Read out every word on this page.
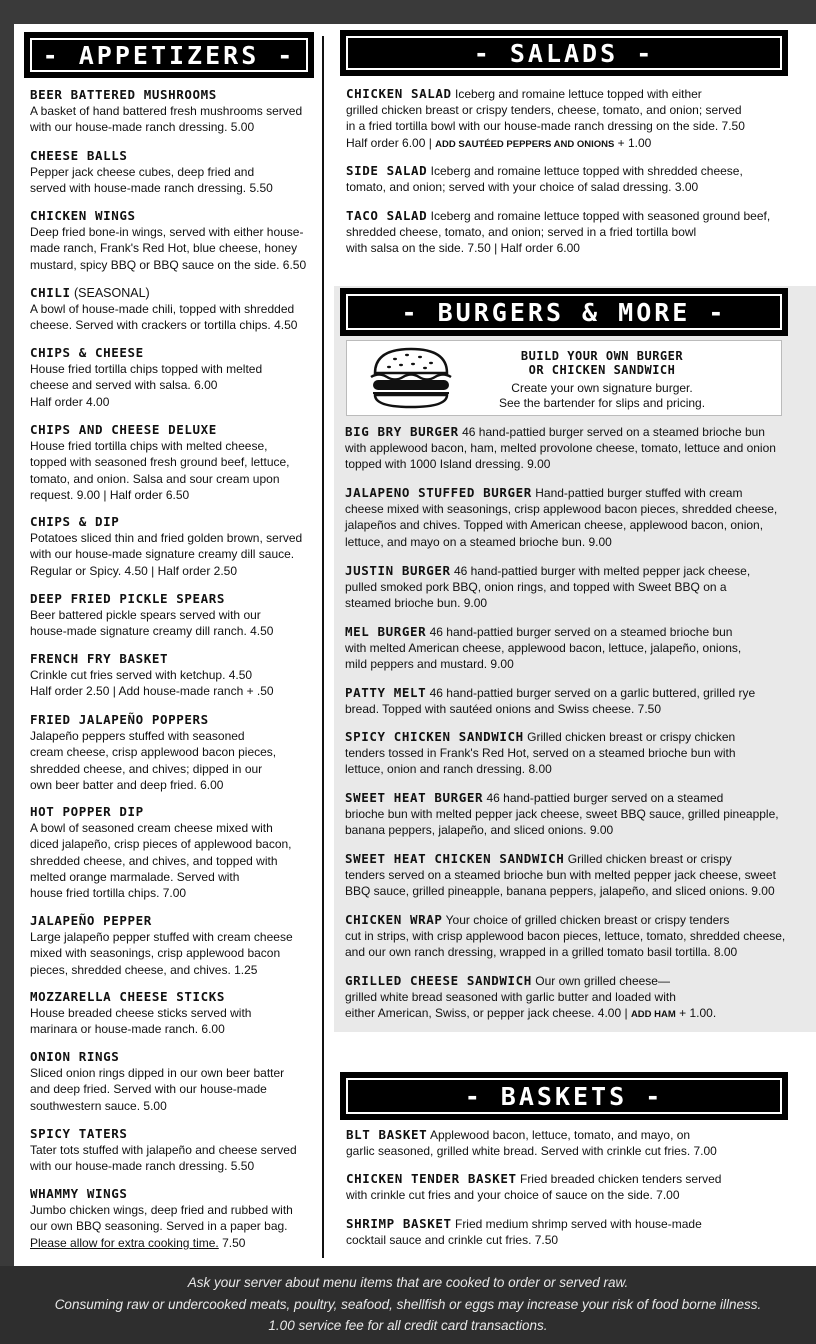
- APPETIZERS -	- SALADS -
- BURGERS & MORE -
- BASKETS -
BUILD YOUR OWN BURGER
OR CHICKEN SANDWICH
Create your own signature burger.
See the bartender for slips and pricing.
BEER BATTERED MUSHROOMS
A basket of hand battered fresh mushrooms served
with our house-made ranch dressing. 5.00
CHEESE BALLS
Pepper jack cheese cubes, deep fried and
served with house-made ranch dressing. 5.50
CHICKEN WINGS
Deep fried bone-in wings, served with either house-
made ranch, Frank's Red Hot, blue cheese, honey
mustard, spicy BBQ or BBQ sauce on the side. 6.50
CHILI (SEASONAL)
A bowl of house-made chili, topped with shredded
cheese. Served with crackers or tortilla chips. 4.50
CHIPS & CHEESE
House fried tortilla chips topped with melted
cheese and served with salsa. 6.00
Half order 4.00
CHIPS AND CHEESE DELUXE
House fried tortilla chips with melted cheese,
topped with seasoned fresh ground beef, lettuce,
tomato, and onion. Salsa and sour cream upon
request. 9.00 | Half order 6.50
CHIPS & DIP
Potatoes sliced thin and fried golden brown, served
with our house-made signature creamy dill sauce.
Regular or Spicy. 4.50 | Half order 2.50
DEEP FRIED PICKLE SPEARS
Beer battered pickle spears served with our
house-made signature creamy dill ranch. 4.50
FRENCH FRY BASKET
Crinkle cut fries served with ketchup. 4.50
Half order 2.50 | Add house-made ranch + .50
FRIED JALAPEÑO POPPERS
Jalapeño peppers stuffed with seasoned
cream cheese, crisp applewood bacon pieces,
shredded cheese, and chives; dipped in our
own beer batter and deep fried. 6.00
HOT POPPER DIP
A bowl of seasoned cream cheese mixed with
diced jalapeño, crisp pieces of applewood bacon,
shredded cheese, and chives, and topped with
melted orange marmalade. Served with
house fried tortilla chips. 7.00
JALAPEÑO PEPPER
Large jalapeño pepper stuffed with cream cheese
mixed with seasonings, crisp applewood bacon
pieces, shredded cheese, and chives. 1.25
MOZZARELLA CHEESE STICKS
House breaded cheese sticks served with
marinara or house-made ranch. 6.00
ONION RINGS
Sliced onion rings dipped in our own beer batter
and deep fried. Served with our house-made
southwestern sauce. 5.00
SPICY TATERS
Tater tots stuffed with jalapeño and cheese served
with our house-made ranch dressing. 5.50
WHAMMY WINGS
Jumbo chicken wings, deep fried and rubbed with
our own BBQ seasoning. Served in a paper bag.
Please allow for extra cooking time. 7.50
CHICKEN SALAD Iceberg and romaine lettuce topped with either
grilled chicken breast or crispy tenders, cheese, tomato, and onion; served
in a fried tortilla bowl with our house-made ranch dressing on the side. 7.50
Half order 6.00 | ADD SAUTÉED PEPPERS AND ONIONS + 1.00
SIDE SALAD Iceberg and romaine lettuce topped with shredded cheese,
tomato, and onion; served with your choice of salad dressing. 3.00
TACO SALAD Iceberg and romaine lettuce topped with seasoned ground beef,
shredded cheese, tomato, and onion; served in a fried tortilla bowl
with salsa on the side. 7.50 | Half order 6.00
BIG BRY BURGER 46 hand-pattied burger served on a steamed brioche bun
with applewood bacon, ham, melted provolone cheese, tomato, lettuce and onion
topped with 1000 Island dressing. 9.00
JALAPENO STUFFED BURGER Hand-pattied burger stuffed with cream
cheese mixed with seasonings, crisp applewood bacon pieces, shredded cheese,
jalapeños and chives. Topped with American cheese, applewood bacon, onion,
lettuce, and mayo on a steamed brioche bun. 9.00
JUSTIN BURGER 46 hand-pattied burger with melted pepper jack cheese,
pulled smoked pork BBQ, onion rings, and topped with Sweet BBQ on a
steamed brioche bun. 9.00
MEL BURGER 46 hand-pattied burger served on a steamed brioche bun
with melted American cheese, applewood bacon, lettuce, jalapeño, onions,
mild peppers and mustard. 9.00
PATTY MELT 46 hand-pattied burger served on a garlic buttered, grilled rye
bread. Topped with sautéed onions and Swiss cheese. 7.50
SPICY CHICKEN SANDWICH Grilled chicken breast or crispy chicken
tenders tossed in Frank's Red Hot, served on a steamed brioche bun with
lettuce, onion and ranch dressing. 8.00
SWEET HEAT BURGER 46 hand-pattied burger served on a steamed
brioche bun with melted pepper jack cheese, sweet BBQ sauce, grilled pineapple,
banana peppers, jalapeño, and sliced onions. 9.00
SWEET HEAT CHICKEN SANDWICH Grilled chicken breast or crispy
tenders served on a steamed brioche bun with melted pepper jack cheese, sweet
BBQ sauce, grilled pineapple, banana peppers, jalapeño, and sliced onions. 9.00
CHICKEN WRAP Your choice of grilled chicken breast or crispy tenders
cut in strips, with crisp applewood bacon pieces, lettuce, tomato, shredded cheese,
and our own ranch dressing, wrapped in a grilled tomato basil tortilla. 8.00
GRILLED CHEESE SANDWICH Our own grilled cheese—
grilled white bread seasoned with garlic butter and loaded with
either American, Swiss, or pepper jack cheese. 4.00 | ADD HAM + 1.00.
BLT BASKET Applewood bacon, lettuce, tomato, and mayo, on
garlic seasoned, grilled white bread. Served with crinkle cut fries. 7.00
CHICKEN TENDER BASKET Fried breaded chicken tenders served
with crinkle cut fries and your choice of sauce on the side. 7.00
SHRIMP BASKET Fried medium shrimp served with house-made
cocktail sauce and crinkle cut fries. 7.50
Ask your server about menu items that are cooked to order or served raw.
Consuming raw or undercooked meats, poultry, seafood, shellfish or eggs may increase your risk of food borne illness.
1.00 service fee for all credit card transactions.
